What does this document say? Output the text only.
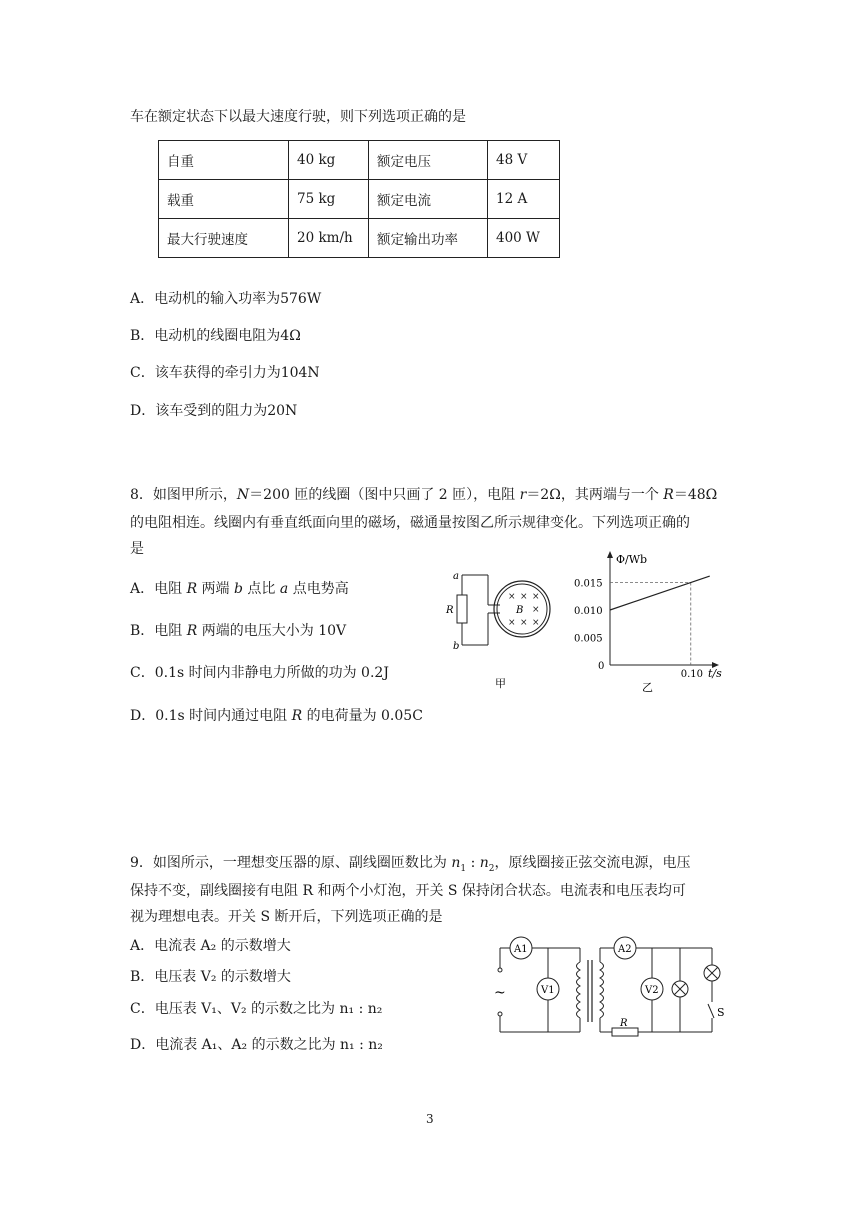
车在额定状态下以最大速度行驶，则下列选项正确的是
自重	40 kg	额定电压	48 V
载重	75 kg	额定电流	12 A
最大行驶速度	20 km/h	额定输出功率	400 W
A．电动机的输入功率为576W
B．电动机的线圈电阻为4Ω
C．该车获得的牵引力为104N
D．该车受到的阻力为20N
8．如图甲所示，N＝200 匝的线圈（图中只画了 2 匝），电阻 r＝2Ω，其两端与一个 R＝48Ω
的电阻相连。线圈内有垂直纸面向里的磁场，磁通量按图乙所示规律变化。下列选项正确的
是
A．电阻 R 两端 b 点比 a 点电势高
B．电阻 R 两端的电压大小为 10V
C．0.1s 时间内非静电力所做的功为 0.2J
D．0.1s 时间内通过电阻 R 的电荷量为 0.05C
× × ×
×
× × ×
a
b
R	B
甲
Φ/Wb
t/s
0
0.015
0.010
0.005
0.10
乙
9．如图所示，一理想变压器的原、副线圈匝数比为 $n_1$ : $n_2$，原线圈接正弦交流电源，电压
保持不变，副线圈接有电阻 R 和两个小灯泡，开关 S 保持闭合状态。电流表和电压表均可
视为理想电表。开关 S 断开后，下列选项正确的是
A．电流表 A₂ 的示数增大
B．电压表 V₂ 的示数增大
C．电压表 V₁、V₂ 的示数之比为 n₁ : n₂
D．电流表 A₁、A₂ 的示数之比为 n₁ : n₂
~
A1
V1
A2
R
V2
S
3
